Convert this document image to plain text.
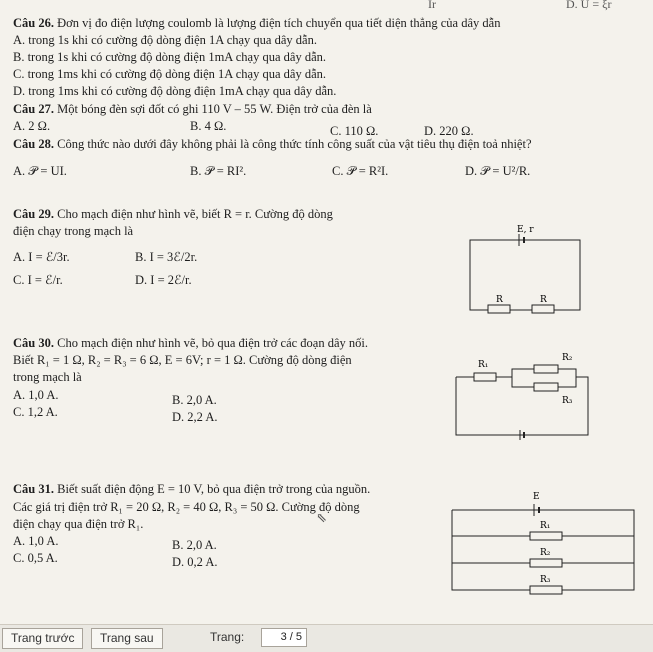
Ir	D. U = ξr
Câu 26. Đơn vị đo điện lượng coulomb là lượng điện tích chuyển qua tiết diện thẳng của dây dẫn
A. trong 1s khi có cường độ dòng điện 1A chạy qua dây dẫn.
B. trong 1s khi có cường độ dòng điện 1mA chạy qua dây dẫn.
C. trong 1ms khi có cường độ dòng điện 1A chạy qua dây dẫn.
D. trong 1ms khi có cường độ dòng điện 1mA chạy qua dây dẫn.
Câu 27. Một bóng đèn sợi đốt có ghi 110 V – 55 W. Điện trở của đèn là
A. 2 Ω.	B. 4 Ω.	C. 110 Ω.	D. 220 Ω.
Câu 28. Công thức nào dưới đây không phải là công thức tính công suất của vật tiêu thụ điện toả nhiệt?
A. 𝒫 = UI.	B. 𝒫 = RI².	C. 𝒫 = R²I.	D. 𝒫 = U²/R.
Câu 29. Cho mạch điện như hình vẽ, biết R = r. Cường độ dòng
điện chạy trong mạch là
A. I = ℰ/3r.	B. I = 3ℰ/2r.
C. I = ℰ/r.	D. I = 2ℰ/r.
E, r
R	R
Câu 30. Cho mạch điện như hình vẽ, bỏ qua điện trở các đoạn dây nối.
Biết R₁ = 1 Ω, R₂ = R₃ = 6 Ω, E = 6V; r = 1 Ω. Cường độ dòng điện
trong mạch là
A. 1,0 A.	B. 2,0 A.
C. 1,2 A.	D. 2,2 A.
R₁
R₂
R₃
Câu 31. Biết suất điện động E = 10 V, bỏ qua điện trở trong của nguồn.
Các giá trị điện trở R₁ = 20 Ω, R₂ = 40 Ω, R₃ = 50 Ω. Cường độ dòng
điện chạy qua điện trở R₁.
A. 1,0 A.	B. 2,0 A.
C. 0,5 A.	D. 0,2 A.
⇖
E
R₁
R₂
R₃
Trang trước	Trang sau	Trang:	3 / 5
